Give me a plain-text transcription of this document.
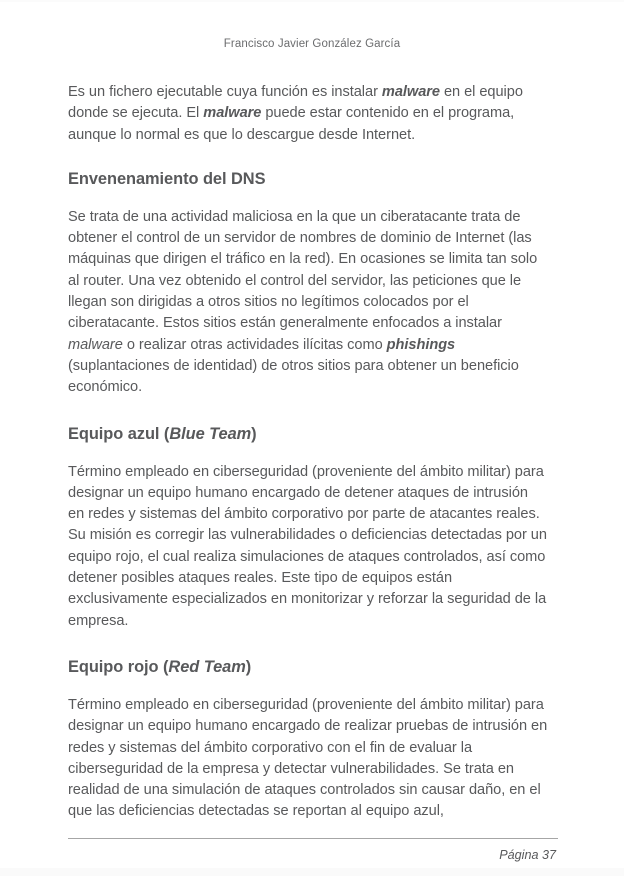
Francisco Javier González García

Es un fichero ejecutable cuya función es instalar malware en el equipo donde se ejecuta. El malware puede estar contenido en el programa, aunque lo normal es que lo descargue desde Internet.

Envenenamiento del DNS

Se trata de una actividad maliciosa en la que un ciberatacante trata de obtener el control de un servidor de nombres de dominio de Internet (las máquinas que dirigen el tráfico en la red). En ocasiones se limita tan solo al router. Una vez obtenido el control del servidor, las peticiones que le llegan son dirigidas a otros sitios no legítimos colocados por el ciberatacante. Estos sitios están generalmente enfocados a instalar malware o realizar otras actividades ilícitas como phishings (suplantaciones de identidad) de otros sitios para obtener un beneficio económico.

Equipo azul (Blue Team)

Término empleado en ciberseguridad (proveniente del ámbito militar) para designar un equipo humano encargado de detener ataques de intrusión en redes y sistemas del ámbito corporativo por parte de atacantes reales. Su misión es corregir las vulnerabilidades o deficiencias detectadas por un equipo rojo, el cual realiza simulaciones de ataques controlados, así como detener posibles ataques reales. Este tipo de equipos están exclusivamente especializados en monitorizar y reforzar la seguridad de la empresa.

Equipo rojo (Red Team)

Término empleado en ciberseguridad (proveniente del ámbito militar) para designar un equipo humano encargado de realizar pruebas de intrusión en redes y sistemas del ámbito corporativo con el fin de evaluar la ciberseguridad de la empresa y detectar vulnerabilidades. Se trata en realidad de una simulación de ataques controlados sin causar daño, en el que las deficiencias detectadas se reportan al equipo azul,

Página 37
